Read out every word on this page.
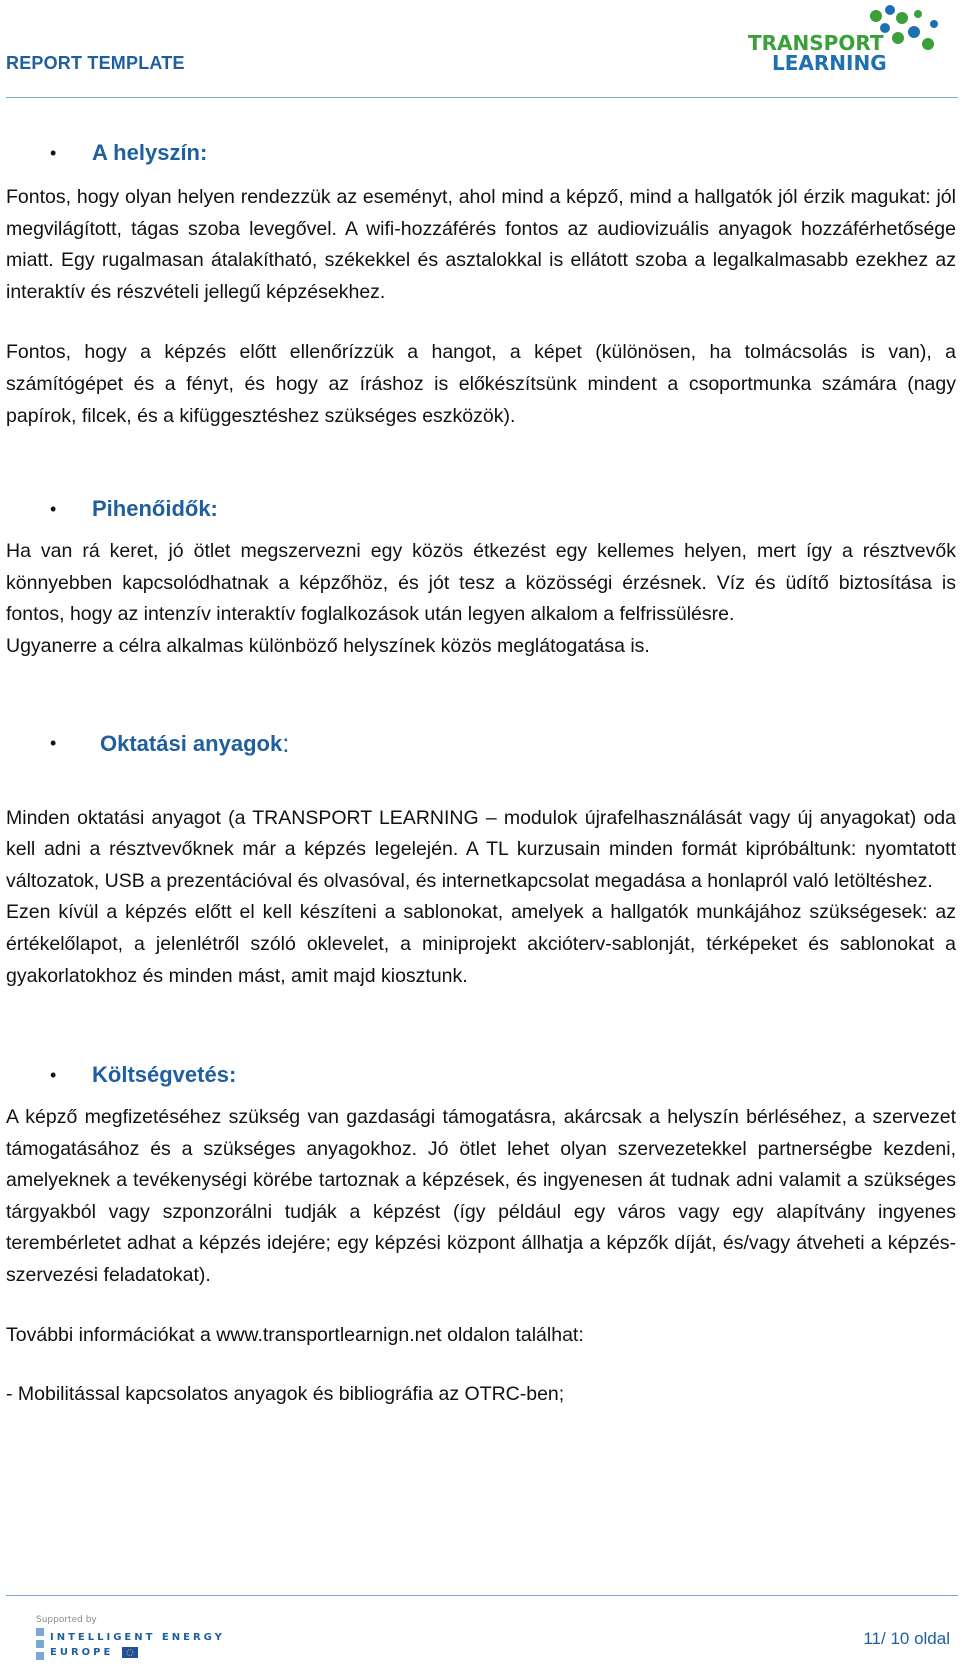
REPORT TEMPLATE
TRANSPORT
LEARNING
•	A helyszín:

Fontos, hogy olyan helyen rendezzük az eseményt, ahol mind a képző, mind a hallgatók jól érzik magukat: jól megvilágított, tágas szoba levegővel. A wifi-hozzáférés fontos az audiovizuális anyagok hozzáférhetősége miatt. Egy rugalmasan átalakítható, székekkel és asztalokkal is ellátott szoba a legalkalmasabb ezekhez az interaktív és részvételi jellegű képzésekhez.

Fontos, hogy a képzés előtt ellenőrízzük a hangot, a képet (különösen, ha tolmácsolás is van), a számítógépet és a fényt, és hogy az íráshoz is előkészítsünk mindent a csoportmunka számára (nagy papírok, filcek, és a kifüggesztéshez szükséges eszközök).

•	Pihenőidők:

Ha van rá keret, jó ötlet megszervezni egy közös étkezést egy kellemes helyen, mert így a résztvevők könnyebben kapcsolódhatnak a képzőhöz, és jót tesz a közösségi érzésnek. Víz és üdítő biztosítása is fontos, hogy az intenzív interaktív foglalkozások után legyen alkalom a felfrissülésre.

Ugyanerre a célra alkalmas különböző helyszínek közös meglátogatása is.

•	Oktatási anyagok :

Minden oktatási anyagot (a TRANSPORT LEARNING – modulok újrafelhasználását vagy új anyagokat) oda kell adni a résztvevőknek már a képzés legelején. A TL kurzusain minden formát kipróbáltunk: nyomtatott változatok, USB a prezentációval és olvasóval, és internetkapcsolat megadása a honlapról való letöltéshez.

Ezen kívül a képzés előtt el kell készíteni a sablonokat, amelyek a hallgatók munkájához szükségesek: az értékelőlapot, a jelenlétről szóló oklevelet, a miniprojekt akcióterv-sablonját, térképeket és sablonokat a gyakorlatokhoz és minden mást, amit majd kiosztunk.

•	Költségvetés:

A képző megfizetéséhez szükség van gazdasági támogatásra, akárcsak a helyszín bérléséhez, a szervezet támogatásához és a szükséges anyagokhoz. Jó ötlet lehet olyan szervezetekkel partnerségbe kezdeni, amelyeknek a tevékenységi körébe tartoznak a képzések, és ingyenesen át tudnak adni valamit a szükséges tárgyakból vagy szponzorálni tudják a képzést (így például egy város vagy egy alapítvány ingyenes terembérletet adhat a képzés idejére; egy képzési központ állhatja a képzők díját, és/vagy átveheti a képzés-szervezési feladatokat).

További információkat a www.transportlearnign.net oldalon találhat:

- Mobilitással kapcsolatos anyagok és bibliográfia az OTRC-ben;

Supported by
INTELLIGENT ENERGY
EUROPE
11/ 10 oldal
